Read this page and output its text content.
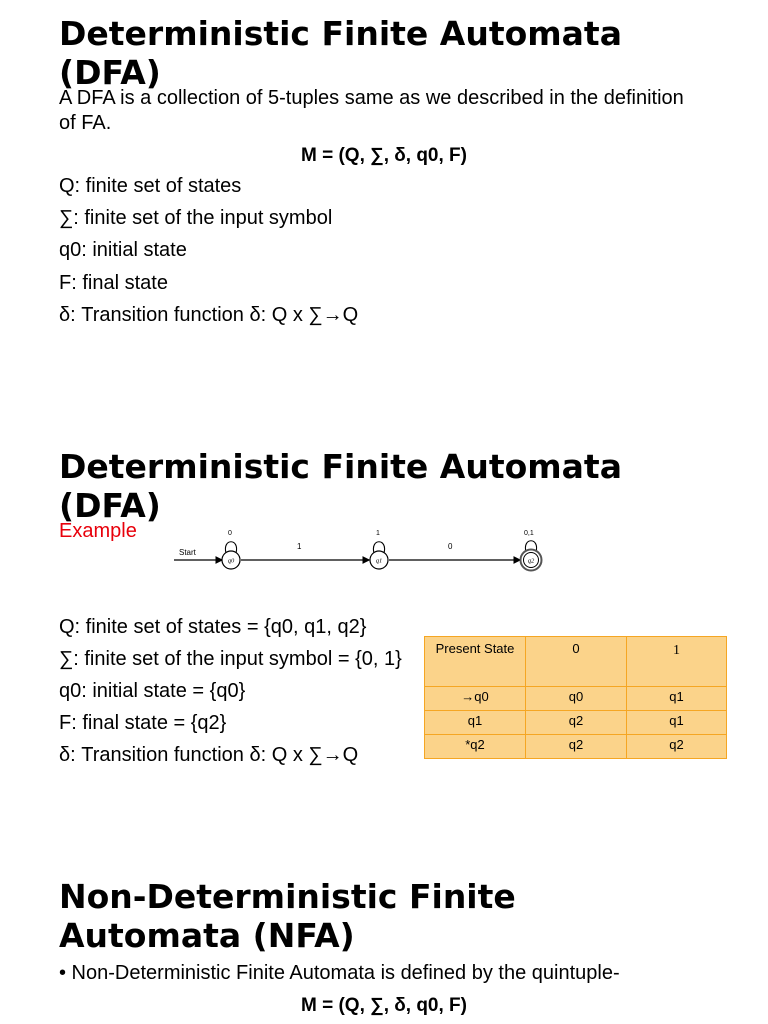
Deterministic Finite Automata
(DFA)
A DFA is a collection of 5-tuples same as we described in the definition
of FA.
M = (Q, ∑, δ, q0, F)
Q: finite set of states
∑: finite set of the input symbol
q0: initial state
F: final state
δ: Transition function δ: Q x ∑→Q
Deterministic Finite Automata
(DFA)
Example
Start
1	0
0
q0
1
q1
0,1
q2
Q: finite set of states = {q0, q1, q2}
∑: finite set of the input symbol = {0, 1}
q0: initial state = {q0}
F: final state = {q2}
δ: Transition function δ: Q x ∑→Q
Present State	0	1
→q0	q0	q1
q1	q2	q1
*q2	q2	q2
Non-Deterministic Finite
Automata (NFA)
• Non-Deterministic Finite Automata is defined by the quintuple-
M = (Q, ∑, δ, q0, F)
